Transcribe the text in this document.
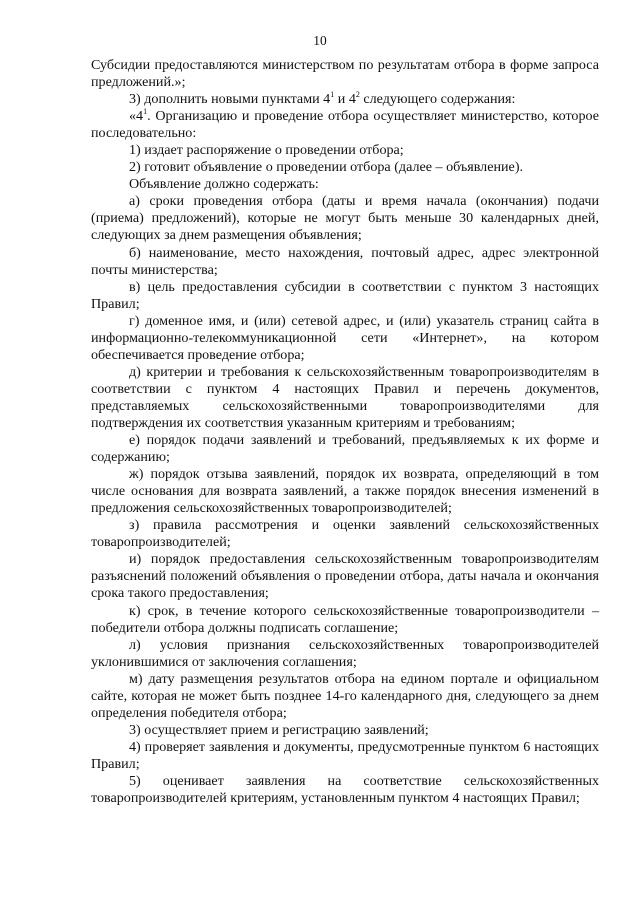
10

Субсидии предоставляются министерством по результатам отбора в форме запроса предложений.»;

3) дополнить новыми пунктами $4^1$ и $4^2$ следующего содержания:

«$4^1$. Организацию и проведение отбора осуществляет министерство, которое последовательно:

1) издает распоряжение о проведении отбора;

2) готовит объявление о проведении отбора (далее – объявление).

Объявление должно содержать:

а) сроки проведения отбора (даты и время начала (окончания) подачи (приема) предложений), которые не могут быть меньше 30 календарных дней, следующих за днем размещения объявления;

б) наименование, место нахождения, почтовый адрес, адрес электронной почты министерства;

в) цель предоставления субсидии в соответствии с пунктом 3 настоящих Правил;

г) доменное имя, и (или) сетевой адрес, и (или) указатель страниц сайта в информационно-телекоммуникационной сети «Интернет», на котором обеспечивается проведение отбора;

д) критерии и требования к сельскохозяйственным товаропроизводителям в соответствии с пунктом 4 настоящих Правил и перечень документов, представляемых сельскохозяйственными товаропроизводителями для подтверждения их соответствия указанным критериям и требованиям;

е) порядок подачи заявлений и требований, предъявляемых к их форме и содержанию;

ж) порядок отзыва заявлений, порядок их возврата, определяющий в том числе основания для возврата заявлений, а также порядок внесения изменений в предложения сельскохозяйственных товаропроизводителей;

з) правила рассмотрения и оценки заявлений сельскохозяйственных товаропроизводителей;

и) порядок предоставления сельскохозяйственным товаропроизводителям разъяснений положений объявления о проведении отбора, даты начала и окончания срока такого предоставления;

к) срок, в течение которого сельскохозяйственные товаропроизводители – победители отбора должны подписать соглашение;

л) условия признания сельскохозяйственных товаропроизводителей уклонившимися от заключения соглашения;

м) дату размещения результатов отбора на едином портале и официальном сайте, которая не может быть позднее 14-го календарного дня, следующего за днем определения победителя отбора;

3) осуществляет прием и регистрацию заявлений;

4) проверяет заявления и документы, предусмотренные пунктом 6 настоящих Правил;

5) оценивает заявления на соответствие сельскохозяйственных товаропроизводителей критериям, установленным пунктом 4 настоящих Правил;
